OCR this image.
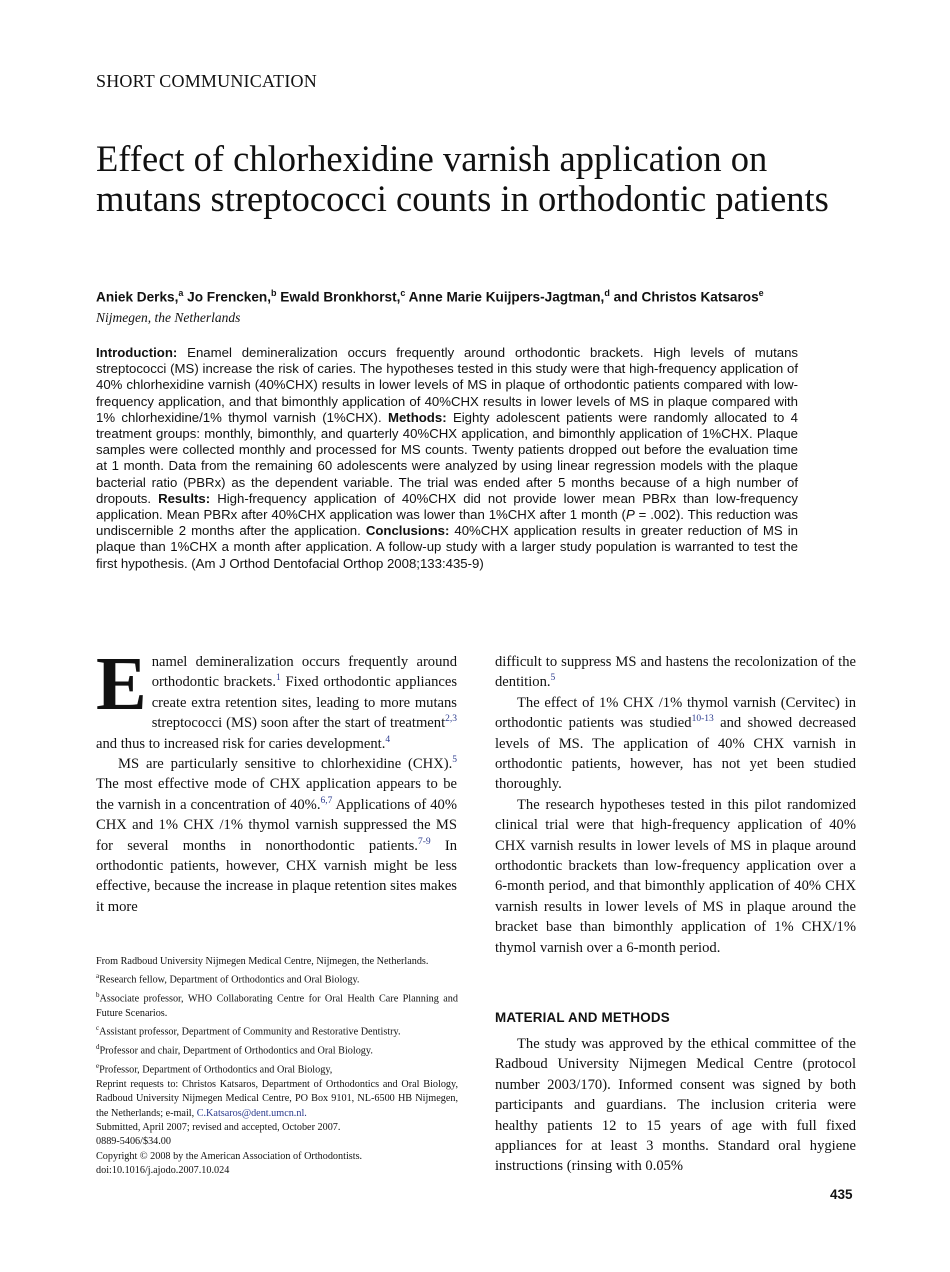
SHORT COMMUNICATION
Effect of chlorhexidine varnish application on mutans streptococci counts in orthodontic patients
Aniek Derks,$^a$ Jo Frencken,$^b$ Ewald Bronkhorst,$^c$ Anne Marie Kuijpers-Jagtman,$^d$ and Christos Katsaros$^e$
Nijmegen, the Netherlands

Introduction: Enamel demineralization occurs frequently around orthodontic brackets. High levels of mutans streptococci (MS) increase the risk of caries. The hypotheses tested in this study were that high-frequency application of 40% chlorhexidine varnish (40%CHX) results in lower levels of MS in plaque of orthodontic patients compared with low-frequency application, and that bimonthly application of 40%CHX results in lower levels of MS in plaque compared with 1% chlorhexidine/1% thymol varnish (1%CHX). Methods: Eighty adolescent patients were randomly allocated to 4 treatment groups: monthly, bimonthly, and quarterly 40%CHX application, and bimonthly application of 1%CHX. Plaque samples were collected monthly and processed for MS counts. Twenty patients dropped out before the evaluation time at 1 month. Data from the remaining 60 adolescents were analyzed by using linear regression models with the plaque bacterial ratio (PBRx) as the dependent variable. The trial was ended after 5 months because of a high number of dropouts. Results: High-frequency application of 40%CHX did not provide lower mean PBRx than low-frequency application. Mean PBRx after 40%CHX application was lower than 1%CHX after 1 month (P = .002). This reduction was undiscernible 2 months after the application. Conclusions: 40%CHX application results in greater reduction of MS in plaque than 1%CHX a month after application. A follow-up study with a larger study population is warranted to test the first hypothesis. (Am J Orthod Dentofacial Orthop 2008;133:435-9)

Enamel demineralization occurs frequently around orthodontic brackets.$^1$ Fixed orthodontic appliances create extra retention sites, leading to more mutans streptococci (MS) soon after the start of treatment$^{2,3}$ and thus to increased risk for caries development.$^4$

MS are particularly sensitive to chlorhexidine (CHX).$^5$ The most effective mode of CHX application appears to be the varnish in a concentration of 40%.$^{6,7}$ Applications of 40% CHX and 1% CHX /1% thymol varnish suppressed the MS for several months in nonorthodontic patients.$^{7-9}$ In orthodontic patients, however, CHX varnish might be less effective, because the increase in plaque retention sites makes it more

From Radboud University Nijmegen Medical Centre, Nijmegen, the Netherlands.
$^a$Research fellow, Department of Orthodontics and Oral Biology.
$^b$Associate professor, WHO Collaborating Centre for Oral Health Care Planning and Future Scenarios.
$^c$Assistant professor, Department of Community and Restorative Dentistry.
$^d$Professor and chair, Department of Orthodontics and Oral Biology.
$^e$Professor, Department of Orthodontics and Oral Biology,
Reprint requests to: Christos Katsaros, Department of Orthodontics and Oral Biology, Radboud University Nijmegen Medical Centre, PO Box 9101, NL-6500 HB Nijmegen, the Netherlands; e-mail, C.Katsaros@dent.umcn.nl.
Submitted, April 2007; revised and accepted, October 2007.
0889-5406/$34.00
Copyright © 2008 by the American Association of Orthodontists.
doi:10.1016/j.ajodo.2007.10.024

difficult to suppress MS and hastens the recolonization of the dentition.$^5$

The effect of 1% CHX /1% thymol varnish (Cervitec) in orthodontic patients was studied$^{10-13}$ and showed decreased levels of MS. The application of 40% CHX varnish in orthodontic patients, however, has not yet been studied thoroughly.

The research hypotheses tested in this pilot randomized clinical trial were that high-frequency application of 40% CHX varnish results in lower levels of MS in plaque around orthodontic brackets than low-frequency application over a 6-month period, and that bimonthly application of 40% CHX varnish results in lower levels of MS in plaque around the bracket base than bimonthly application of 1% CHX/1% thymol varnish over a 6-month period.

MATERIAL AND METHODS

The study was approved by the ethical committee of the Radboud University Nijmegen Medical Centre (protocol number 2003/170). Informed consent was signed by both participants and guardians. The inclusion criteria were healthy patients 12 to 15 years of age with full fixed appliances for at least 3 months. Standard oral hygiene instructions (rinsing with 0.05%

435
